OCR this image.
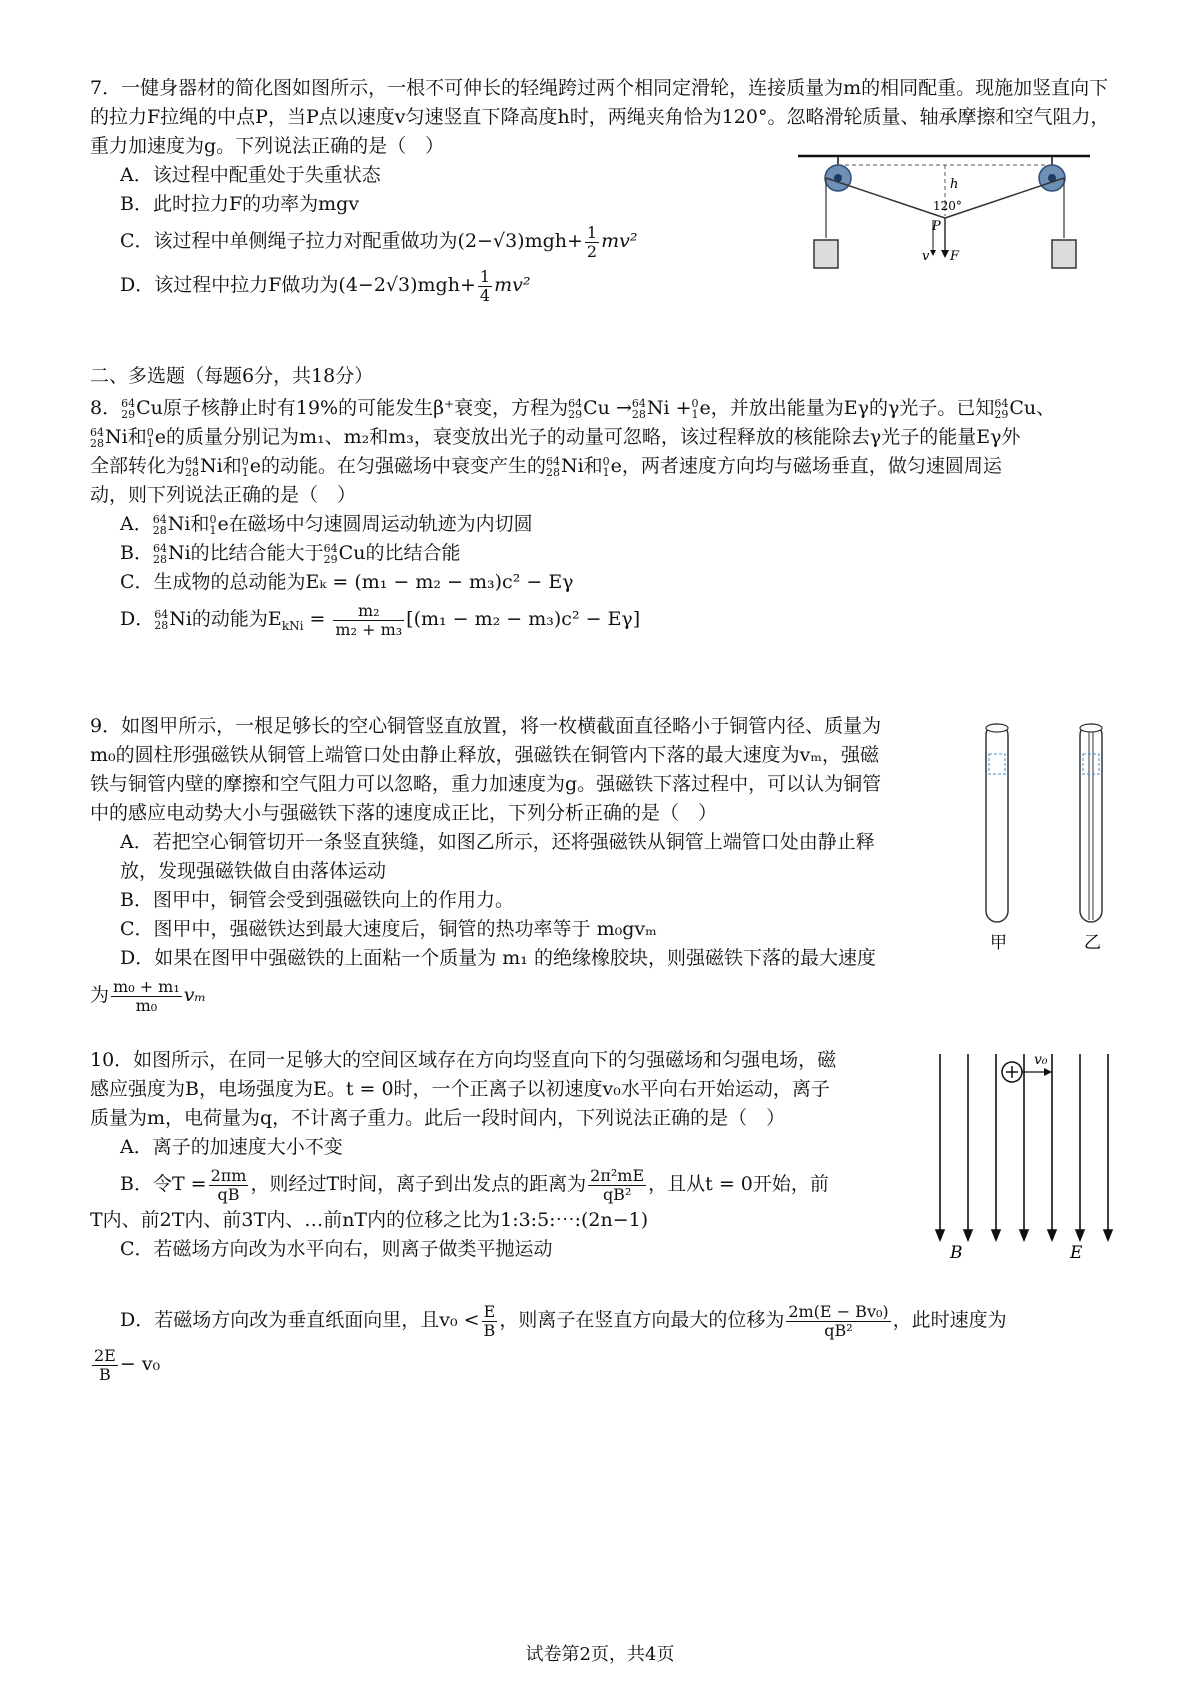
7．一健身器材的简化图如图所示，一根不可伸长的轻绳跨过两个相同定滑轮，连接质量为m的相同配重。现施加竖直向下的拉力F拉绳的中点P，当P点以速度v匀速竖直下降高度h时，两绳夹角恰为120°。忽略滑轮质量、轴承摩擦和空气阻力，重力加速度为g。下列说法正确的是（　）

A．该过程中配重处于失重状态

B．此时拉力F的功率为mgv

C．该过程中单侧绳子拉力对配重做功为$(2-√3)mgh+ \frac{1}{2} mv^2$

D．该过程中拉力F做功为$(4-2√3)mgh+ \frac{1}{4} mv^2$

h
120°
P
v F
二、多选题（每题6分，共18分）

8． 64
29 Cu原子核静止时有19%的可能发生β⁺衰变，方程为 64
29 Cu → 64
28 Ni + 0
1 e，并放出能量为Eγ的γ光子。已知 64
29 Cu、

64
28 Ni和 0
1 e的质量分别记为m₁、m₂和m₃，衰变放出光子的动量可忽略，该过程释放的核能除去γ光子的能量Eγ外

全部转化为 64
28 Ni和 0
1 e的动能。在匀强磁场中衰变产生的 64
28 Ni和 0
1 e，两者速度方向均与磁场垂直，做匀速圆周运

动，则下列说法正确的是（　）

A． 64
28 Ni和 0
1 e在磁场中匀速圆周运动轨迹为内切圆

B． 64
28 Ni的比结合能大于 64
29 Cu的比结合能

C．生成物的总动能为Eₖ = (m₁ − m₂ − m₃)c² − Eγ

D． 64
28 Ni的动能为$E_{kNi} = \frac{\text{m₂}}{\text{m₂ + m₃}} [(m_1 - m_2 - m_3)c^2 - E\gamma]$

9．如图甲所示，一根足够长的空心铜管竖直放置，将一枚横截面直径略小于铜管内径、质量为

m₀的圆柱形强磁铁从铜管上端管口处由静止释放，强磁铁在铜管内下落的最大速度为vₘ，强磁

铁与铜管内壁的摩擦和空气阻力可以忽略，重力加速度为g。强磁铁下落过程中，可以认为铜管

中的感应电动势大小与强磁铁下落的速度成正比，下列分析正确的是（　）

A．若把空心铜管切开一条竖直狭缝，如图乙所示，还将强磁铁从铜管上端管口处由静止释

放，发现强磁铁做自由落体运动

B．图甲中，铜管会受到强磁铁向上的作用力。

C．图甲中，强磁铁达到最大速度后，铜管的热功率等于 m₀gvₘ

D．如果在图甲中强磁铁的上面粘一个质量为 m₁ 的绝缘橡胶块，则强磁铁下落的最大速度

为 $\frac{\text{m₀ + m₁}}{\text{m₀}}$ vₘ

甲	乙

10．如图所示，在同一足够大的空间区域存在方向均竖直向下的匀强磁场和匀强电场，磁

感应强度为B，电场强度为E。t = 0时，一个正离子以初速度v₀水平向右开始运动，离子

质量为m，电荷量为q，不计离子重力。此后一段时间内，下列说法正确的是（　）

A．离子的加速度大小不变

B．令$T = \frac{2\pi m}{qB}$ ，则经过T时间，离子到出发点的距离为 $\frac{\text{2π²mE}}{\text{qB²}}$ ，且从t = 0开始，前

T内、前2T内、前3T内、…前nT内的位移之比为1:3:5:⋯:(2n−1)

C．若磁场方向改为水平向右，则离子做类平抛运动

D．若磁场方向改为垂直纸面向里，且$v_0 < \frac{E}{B}$ ，则离子在竖直方向最大的位移为 $\frac{\text{2m(E − Bv₀)}}{\text{qB²}}$ ，此时速度为

$\frac{2E}{B} - v_0$

v₀
B	E
试卷第2页，共4页
